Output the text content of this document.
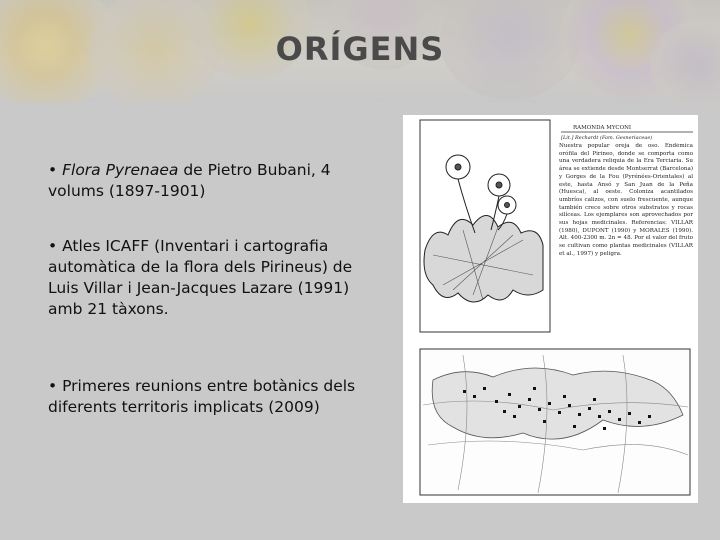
ORÍGENS
• Flora Pyrenaea de Pietro Bubani, 4 volums (1897-1901)
• Atles ICAFF (Inventari i cartografia automàtica de la flora dels Pirineus) de Luis Villar i Jean-Jacques Lazare (1991) amb 21 tàxons.
• Primeres reunions entre botànics dels diferents territoris implicats (2009)
RAMONDA MYCONI
[Lit.] Rechardt (Fam. Gesneriaceae)
Nuestra popular oreja de oso. Endémica orófila del Pirineo, donde se comporta como una verdadera reliquia de la Era Terciaria. Su área se extiende desde Montserrat (Barcelona) y Gorges de la Fou (Pyrénées-Orientales) al este, hasta Ansó y San Juan de la Peña (Huesca), al oeste. Coloniza acantilados umbríos calizos, con suelo frescuente, aunque también crece sobre otros substratos y rocas silíceas. Los ejemplares son aprovechados por sus hojas medicinales. Referencias: VILLAR (1980), DUPONT (1990) y MORALES (1990). Alt. 400-2300 m. 2n = 48. Por el valor del fruto se cultivan como plantas medicinales (VILLAR et al., 1997) y peligra.
